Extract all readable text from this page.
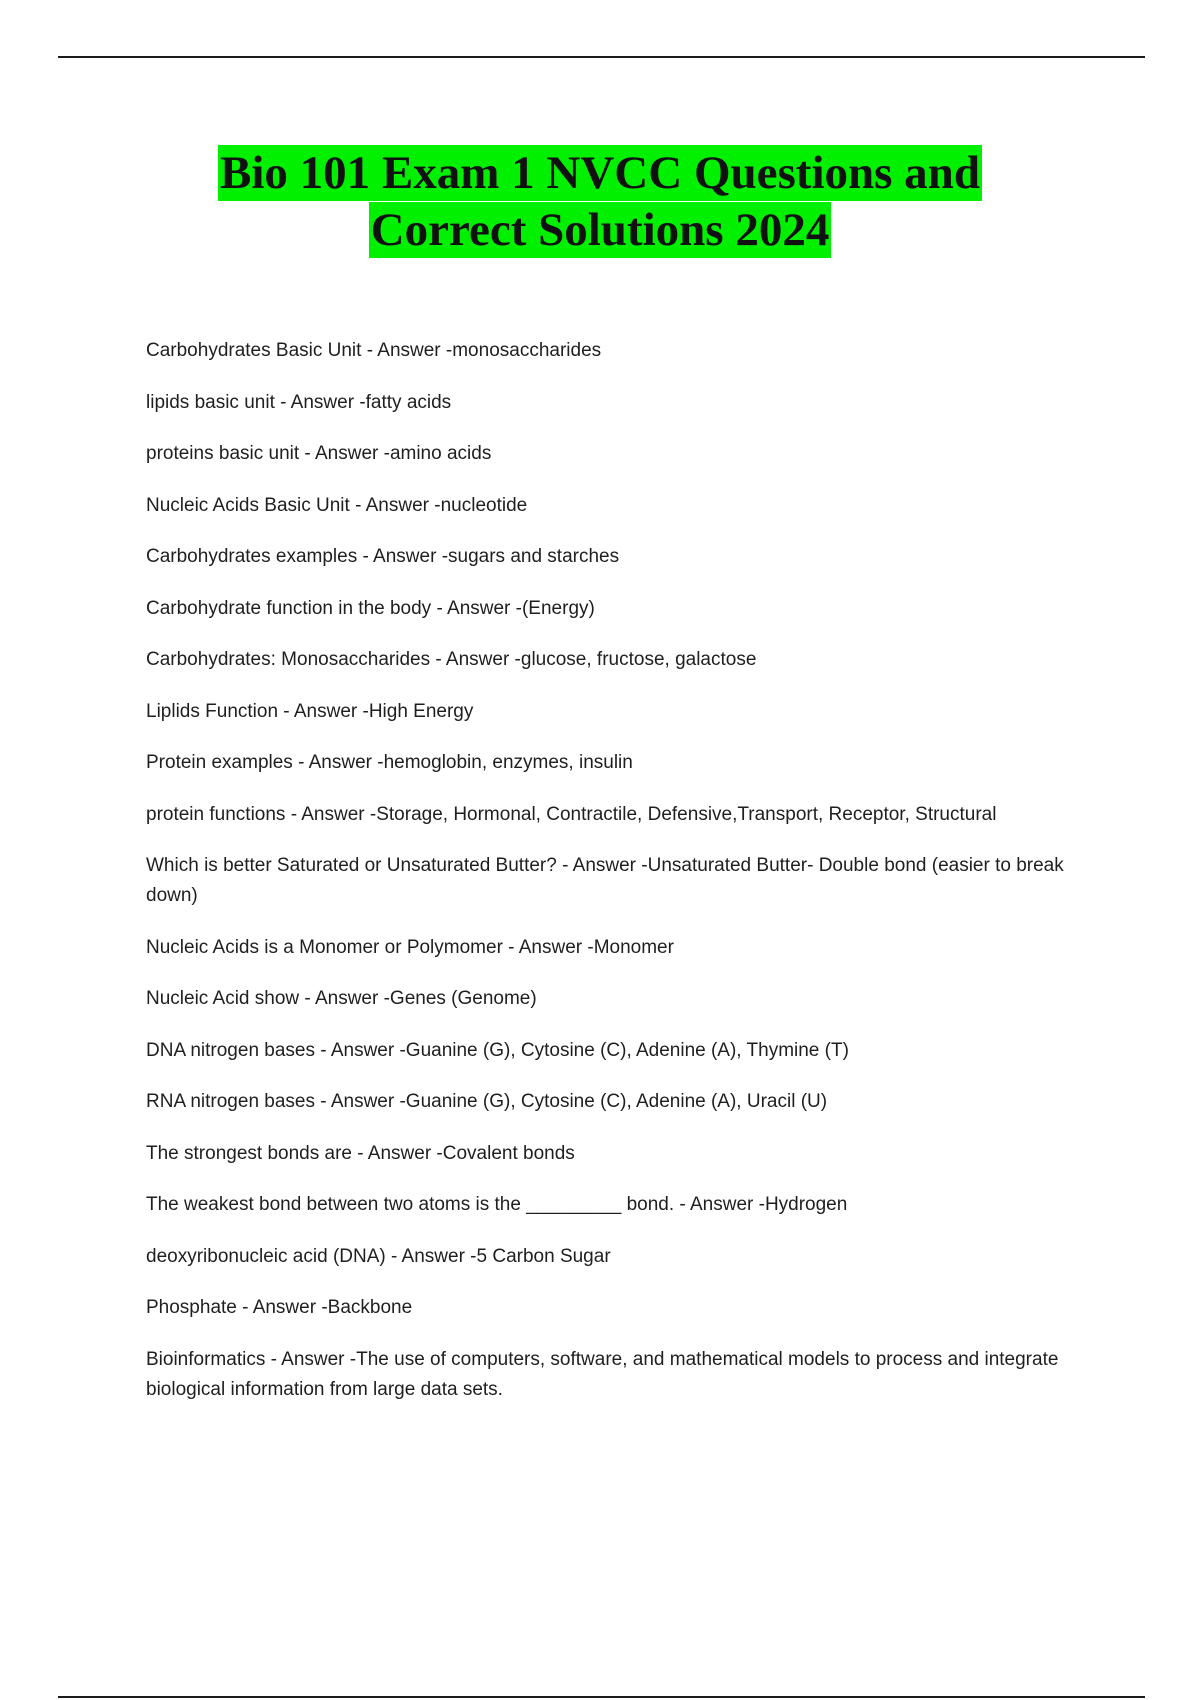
Bio 101 Exam 1 NVCC Questions and
Correct Solutions 2024
Carbohydrates Basic Unit - Answer -monosaccharides
lipids basic unit - Answer -fatty acids
proteins basic unit - Answer -amino acids
Nucleic Acids Basic Unit - Answer -nucleotide
Carbohydrates examples - Answer -sugars and starches
Carbohydrate function in the body - Answer -(Energy)
Carbohydrates: Monosaccharides - Answer -glucose, fructose, galactose
Liplids Function - Answer -High Energy
Protein examples - Answer -hemoglobin, enzymes, insulin
protein functions - Answer -Storage, Hormonal, Contractile, Defensive,Transport, Receptor, Structural
Which is better Saturated or Unsaturated Butter? - Answer -Unsaturated Butter- Double bond (easier to break down)
Nucleic Acids is a Monomer or Polymomer - Answer -Monomer
Nucleic Acid show - Answer -Genes (Genome)
DNA nitrogen bases - Answer -Guanine (G), Cytosine (C), Adenine (A), Thymine (T)
RNA nitrogen bases - Answer -Guanine (G), Cytosine (C), Adenine (A), Uracil (U)
The strongest bonds are - Answer -Covalent bonds
The weakest bond between two atoms is the _________ bond. - Answer -Hydrogen
deoxyribonucleic acid (DNA) - Answer -5 Carbon Sugar
Phosphate - Answer -Backbone
Bioinformatics - Answer -The use of computers, software, and mathematical models to process and integrate biological information from large data sets.
